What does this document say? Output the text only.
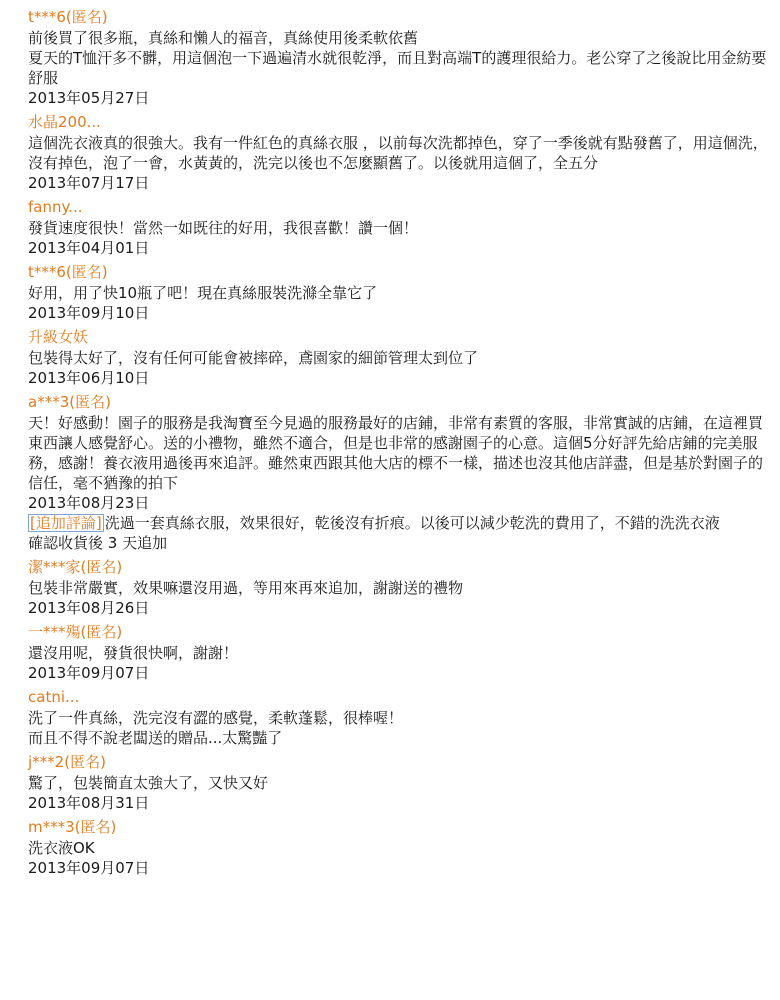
t***6(匿名)

前後買了很多瓶，真絲和懶人的福音，真絲使用後柔軟依舊

夏天的T恤汗多不髒，用這個泡一下過遍清水就很乾淨，而且對高端T的護理很給力。老公穿了之後說比用金紡要舒服

2013年05月27日

水晶200...

這個洗衣液真的很強大。我有一件紅色的真絲衣服 ，以前每次洗都掉色，穿了一季後就有點發舊了，用這個洗，沒有掉色，泡了一會，水黃黃的，洗完以後也不怎麼顯舊了。以後就用這個了，全五分

2013年07月17日

fanny...

發貨速度很快！當然一如既往的好用，我很喜歡！讚一個！

2013年04月01日

t***6(匿名)

好用，用了快10瓶了吧！現在真絲服裝洗滌全靠它了

2013年09月10日

升級女妖

包裝得太好了，沒有任何可能會被摔碎，鳶園家的細節管理太到位了

2013年06月10日

a***3(匿名)

天！好感動！園子的服務是我淘寶至今見過的服務最好的店鋪，非常有素質的客服，非常實誠的店鋪，在這裡買東西讓人感覺舒心。送的小禮物，雖然不適合，但是也非常的感謝園子的心意。這個5分好評先給店鋪的完美服務，感謝！養衣液用過後再來追評。雖然東西跟其他大店的標不一樣，描述也沒其他店詳盡，但是基於對園子的信任，毫不猶豫的拍下

2013年08月23日

[追加評論] 洗過一套真絲衣服，效果很好，乾後沒有折痕。以後可以減少乾洗的費用了，不錯的洗洗衣液

確認收貨後 3 天追加

潔***家(匿名)

包裝非常嚴實，效果嘛還沒用過，等用來再來追加，謝謝送的禮物

2013年08月26日

一***殤(匿名)

還沒用呢，發貨很快啊，謝謝！

2013年09月07日

catni...

洗了一件真絲，洗完沒有澀的感覺，柔軟蓬鬆，很棒喔！

而且不得不說老闆送的贈品...太驚豔了

j***2(匿名)

驚了，包裝簡直太強大了，又快又好

2013年08月31日

m***3(匿名)

洗衣液OK

2013年09月07日
